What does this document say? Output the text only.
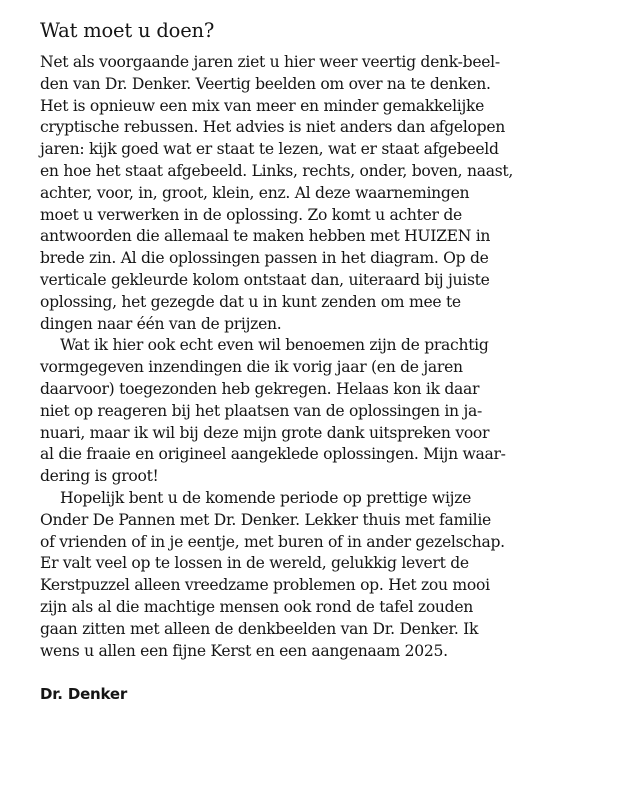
Wat moet u doen?
Net als voorgaande jaren ziet u hier weer veertig denk-beel-
den van Dr. Denker. Veertig beelden om over na te denken.
Het is opnieuw een mix van meer en minder gemakkelijke
cryptische rebussen. Het advies is niet anders dan afgelopen
jaren: kijk goed wat er staat te lezen, wat er staat afgebeeld
en hoe het staat afgebeeld. Links, rechts, onder, boven, naast,
achter, voor, in, groot, klein, enz. Al deze waarnemingen
moet u verwerken in de oplossing. Zo komt u achter de
antwoorden die allemaal te maken hebben met HUIZEN in
brede zin. Al die oplossingen passen in het diagram. Op de
verticale gekleurde kolom ontstaat dan, uiteraard bij juiste
oplossing, het gezegde dat u in kunt zenden om mee te
dingen naar één van de prijzen.
Wat ik hier ook echt even wil benoemen zijn de prachtig
vormgegeven inzendingen die ik vorig jaar (en de jaren
daarvoor) toegezonden heb gekregen. Helaas kon ik daar
niet op reageren bij het plaatsen van de oplossingen in ja-
nuari, maar ik wil bij deze mijn grote dank uitspreken voor
al die fraaie en origineel aangeklede oplossingen. Mijn waar-
dering is groot!
Hopelijk bent u de komende periode op prettige wijze
Onder De Pannen met Dr. Denker. Lekker thuis met familie
of vrienden of in je eentje, met buren of in ander gezelschap.
Er valt veel op te lossen in de wereld, gelukkig levert de
Kerstpuzzel alleen vreedzame problemen op. Het zou mooi
zijn als al die machtige mensen ook rond de tafel zouden
gaan zitten met alleen de denkbeelden van Dr. Denker. Ik
wens u allen een fijne Kerst en een aangenaam 2025.
Dr. Denker
